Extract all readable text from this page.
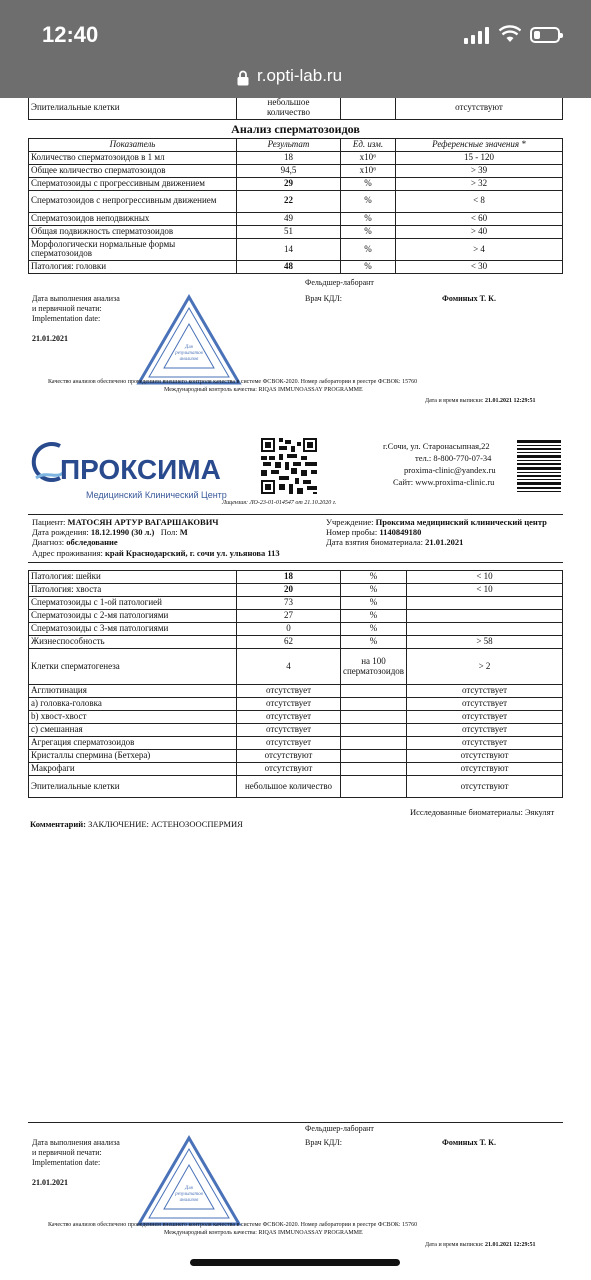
12:40
r.opti-lab.ru
Эпителиальные клетки	небольшое
количество		отсутствуют
Анализ сперматозоидов
Показатель	Результат	Ед. изм.	Референсные значения *
Количество сперматозоидов в 1 мл	18	x10⁶	15 - 120
Общее количество сперматозоидов	94,5	x10⁶	> 39
Сперматозоиды с прогрессивным движением	29	%	> 32
Сперматозоидов с непрогрессивным движением	22	%	< 8
Сперматозоидов неподвижных	49	%	< 60
Общая подвижность сперматозоидов	51	%	> 40
Морфологически нормальные формы сперматозоидов	14	%	> 4
Патология: головки	48	%	< 30
Фельдшер-лаборант
Врач КДЛ:	Фоминых Т. К.
Дата выполнения анализа
и первичной печати:
Implementation date:
21.01.2021
Для
результатов
анализов
Качество анализов обеспечено проведением внешнего контроля качества в системе ФСВОК-2020. Номер лаборатории в реестре ФСВОК: 15760
Международный контроль качества: RIQAS IMMUNOASSAY PROGRAMME
Дата и время выписки: 21.01.2021 12:29:51
ПРОКСИМА
Медицинский Клинический Центр
Лицензия: ЛО-23-01-014547 от 21.10.2020 г.
г.Сочи, ул. Старонасыпная,22
тел.: 8-800-770-07-34
proxima-clinic@yandex.ru
Сайт: www.proxima-clinic.ru
Пациент: МАТОСЯН АРТУР ВАГАРШАКОВИЧ
Дата рождения: 18.12.1990 (30 л.) Пол: М
Диагноз: обследование
Адрес проживания: край Краснодарский, г. сочи ул. ульянова 113
Учреждение: Проксима медицинский клинический центр
Номер пробы: 1140849180
Дата взятия биоматериала: 21.01.2021
Патология: шейки	18	%	< 10
Патология: хвоста	20	%	< 10
Сперматозоиды с 1-ой патологией	73	%	
Сперматозоиды с 2-мя патологиями	27	%	
Сперматозоиды с 3-мя патологиями	0	%	
Жизнеспособность	62	%	> 58
Клетки сперматогенеза	4	на 100 сперматозоидов	> 2
Агглютинация	отсутствует		отсутствует
а) головка-головка	отсутствует		отсутствует
b) хвост-хвост	отсутствует		отсутствует
с) смешанная	отсутствует		отсутствует
Агрегация сперматозоидов	отсутствует		отсутствует
Кристаллы спермина (Бетхера)	отсутствуют		отсутствуют
Макрофаги	отсутствуют		отсутствуют
Эпителиальные клетки	небольшое количество		отсутствуют
Исследованные биоматериалы: Эякулят
Комментарий: ЗАКЛЮЧЕНИЕ: АСТЕНОЗООСПЕРМИЯ
Фельдшер-лаборант
Врач КДЛ:	Фоминых Т. К.
Дата выполнения анализа
и первичной печати:
Implementation date:
21.01.2021
Для
результатов
анализов
Качество анализов обеспечено проведением внешнего контроля качества в системе ФСВОК-2020. Номер лаборатории в реестре ФСВОК: 15760
Международный контроль качества: RIQAS IMMUNOASSAY PROGRAMME
Дата и время выписки: 21.01.2021 12:29:51
